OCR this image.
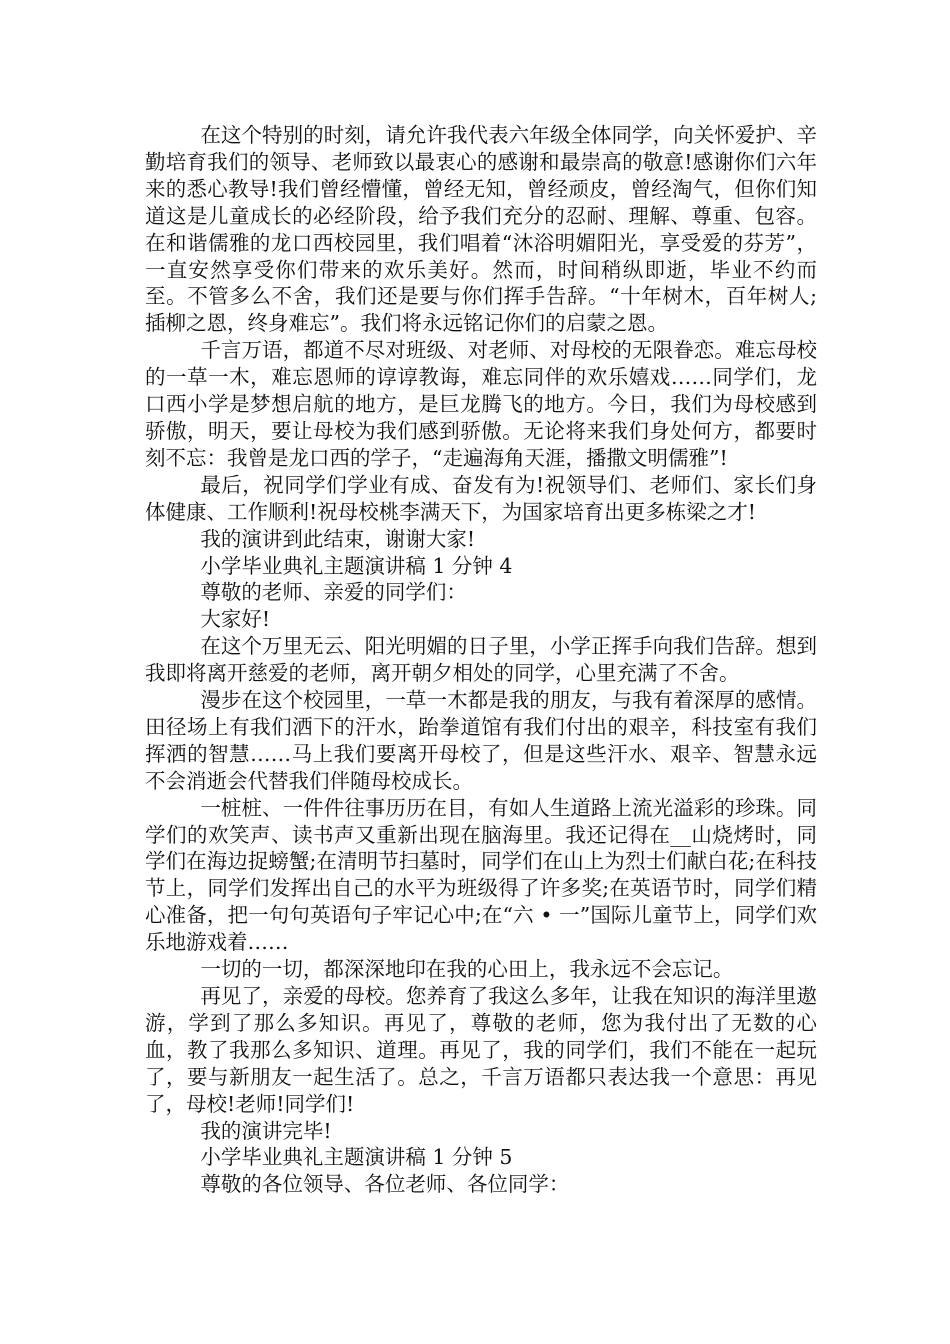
在这个特别的时刻，请允许我代表六年级全体同学，向关怀爱护、辛勤培育我们的领导、老师致以最衷心的感谢和最崇高的敬意!感谢你们六年来的悉心教导!我们曾经懵懂，曾经无知，曾经顽皮，曾经淘气，但你们知道这是儿童成长的必经阶段，给予我们充分的忍耐、理解、尊重、包容。在和谐儒雅的龙口西校园里，我们唱着“沐浴明媚阳光，享受爱的芬芳”，一直安然享受你们带来的欢乐美好。然而，时间稍纵即逝，毕业不约而至。不管多么不舍，我们还是要与你们挥手告辞。“十年树木，百年树人;插柳之恩，终身难忘”。我们将永远铭记你们的启蒙之恩。

千言万语，都道不尽对班级、对老师、对母校的无限眷恋。难忘母校的一草一木，难忘恩师的谆谆教诲，难忘同伴的欢乐嬉戏……同学们，龙口西小学是梦想启航的地方，是巨龙腾飞的地方。今日，我们为母校感到骄傲，明天，要让母校为我们感到骄傲。无论将来我们身处何方，都要时刻不忘：我曾是龙口西的学子，“走遍海角天涯，播撒文明儒雅”!

最后，祝同学们学业有成、奋发有为!祝领导们、老师们、家长们身体健康、工作顺利!祝母校桃李满天下，为国家培育出更多栋梁之才!

我的演讲到此结束，谢谢大家!

小学毕业典礼主题演讲稿 1 分钟 4

尊敬的老师、亲爱的同学们：

大家好!

在这个万里无云、阳光明媚的日子里，小学正挥手向我们告辞。想到我即将离开慈爱的老师，离开朝夕相处的同学，心里充满了不舍。

漫步在这个校园里，一草一木都是我的朋友，与我有着深厚的感情。田径场上有我们洒下的汗水，跆拳道馆有我们付出的艰辛，科技室有我们挥洒的智慧……马上我们要离开母校了，但是这些汗水、艰辛、智慧永远不会消逝会代替我们伴随母校成长。

一桩桩、一件件往事历历在目，有如人生道路上流光溢彩的珍珠。同学们的欢笑声、读书声又重新出现在脑海里。我还记得在__山烧烤时，同学们在海边捉螃蟹;在清明节扫墓时，同学们在山上为烈士们献白花;在科技节上，同学们发挥出自己的水平为班级得了许多奖;在英语节时，同学们精心准备，把一句句英语句子牢记心中;在“六 • 一”国际儿童节上，同学们欢乐地游戏着……

一切的一切，都深深地印在我的心田上，我永远不会忘记。

再见了，亲爱的母校。您养育了我这么多年，让我在知识的海洋里遨游，学到了那么多知识。再见了，尊敬的老师，您为我付出了无数的心血，教了我那么多知识、道理。再见了，我的同学们，我们不能在一起玩了，要与新朋友一起生活了。总之，千言万语都只表达我一个意思：再见了，母校!老师!同学们!

我的演讲完毕!

小学毕业典礼主题演讲稿 1 分钟 5

尊敬的各位领导、各位老师、各位同学：
